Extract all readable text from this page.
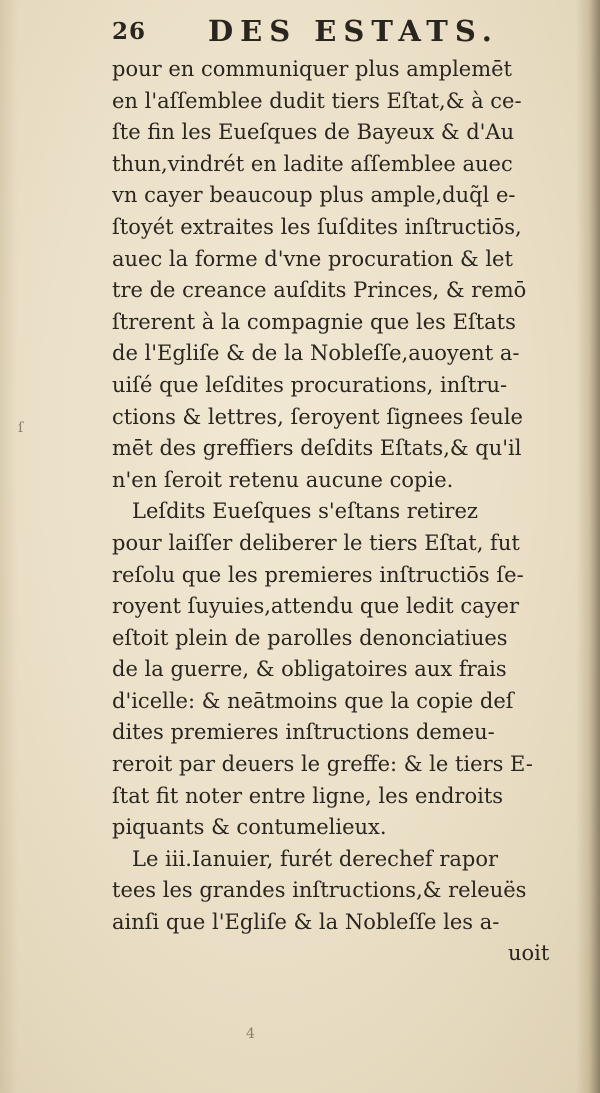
26 DES ESTATS.
pour en communiquer plus amplemēt
en l'aſſemblee dudit tiers Eſtat,& à ce-
ſte fin les Eueſques de Bayeux & d'Au
thun,vindrét en ladite aſſemblee auec
vn cayer beaucoup plus ample,duq̃l e-
ſtoyét extraites les ſuſdites inſtructiōs,
auec la forme d'vne procuration & let
tre de creance auſdits Princes, & remō
ſtrerent à la compagnie que les Eſtats
de l'Egliſe & de la Nobleſſe,auoyent a-
uiſé que leſdites procurations, inſtru-
ctions & lettres, ſeroyent ſignees ſeule
mēt des greffiers deſdits Eſtats,& qu'il
n'en ſeroit retenu aucune copie.
Leſdits Eueſques s'eſtans retirez
pour laiſſer deliberer le tiers Eſtat, fut
reſolu que les premieres inſtructiōs ſe-
royent ſuyuies,attendu que ledit cayer
eſtoit plein de parolles denonciatiues
de la guerre, & obligatoires aux frais
d'icelle: & neātmoins que la copie deſ
dites premieres inſtructions demeu-
reroit par deuers le greffe: & le tiers E-
ſtat fit noter entre ligne, les endroits
piquants & contumelieux.
Le iii.Ianuier, furét derechef rapor
tees les grandes inſtructions,& releuës
ainſi que l'Egliſe & la Nobleſſe les a-
uoit
4
ſ
